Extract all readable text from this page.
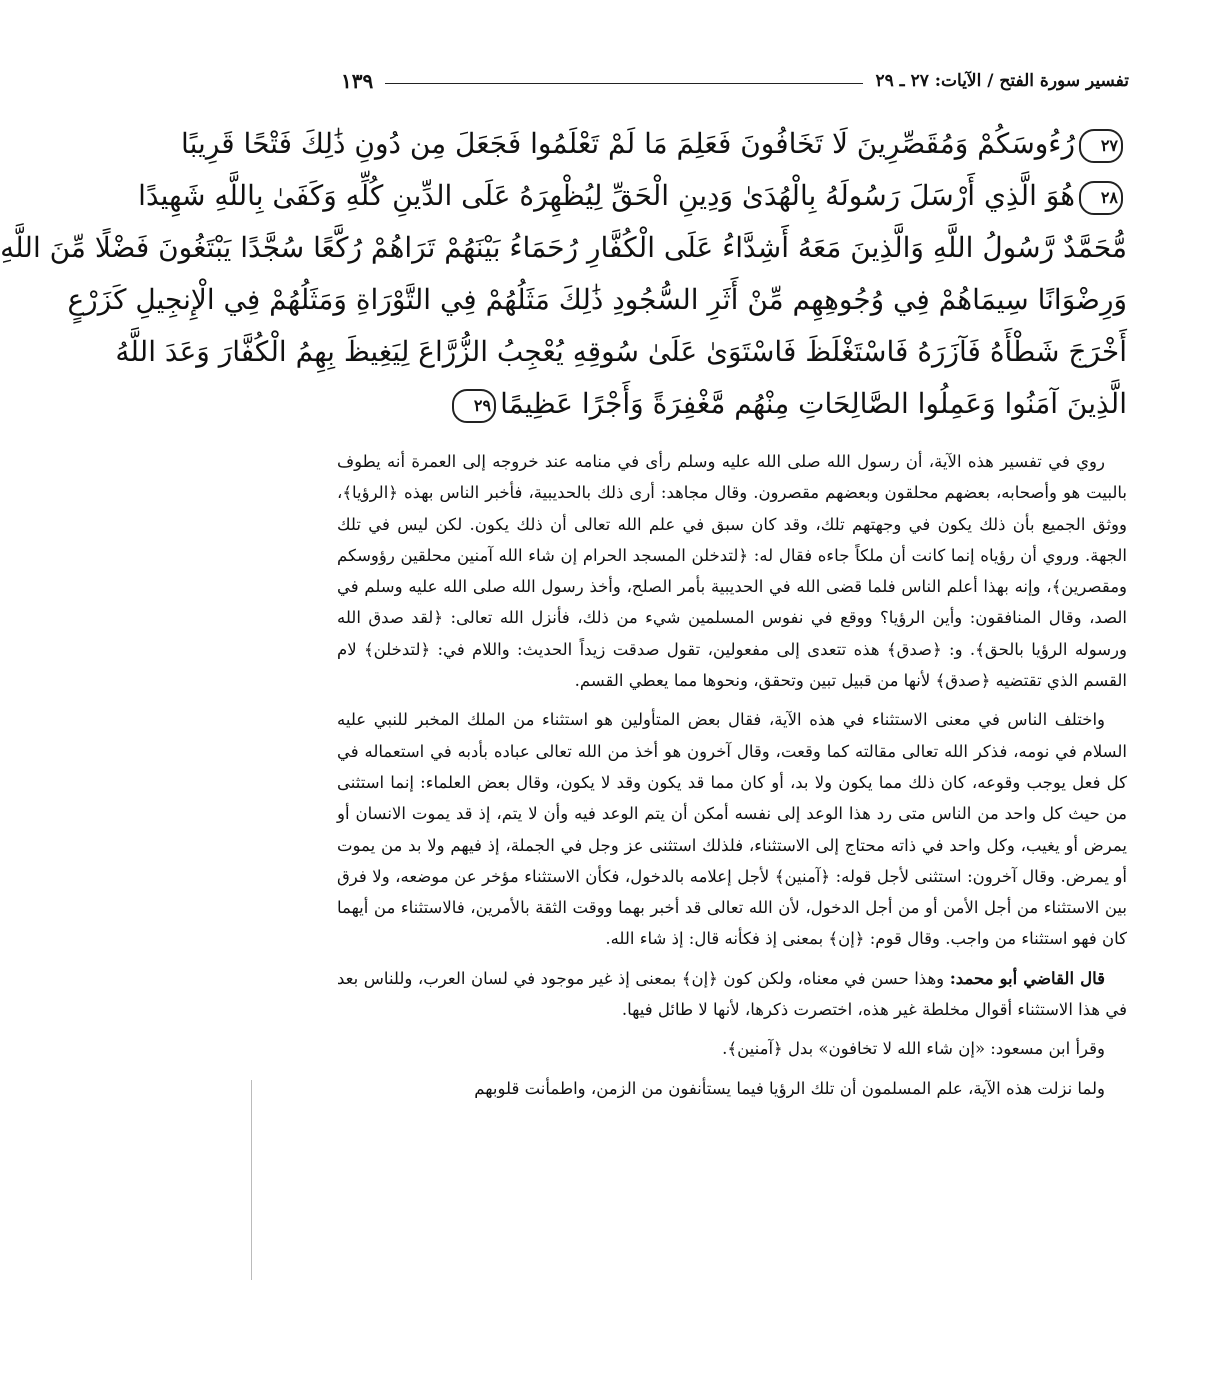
تفسير سورة الفتح / الآيات: ٢٧ ـ ٢٩
١٣٩
٢٧رُءُوسَكُمْ وَمُقَصِّرِينَ لَا تَخَافُونَ فَعَلِمَ مَا لَمْ تَعْلَمُوا فَجَعَلَ مِن دُونِ ذَٰلِكَ فَتْحًا قَرِيبًا
٢٨هُوَ الَّذِي أَرْسَلَ رَسُولَهُ بِالْهُدَىٰ وَدِينِ الْحَقِّ لِيُظْهِرَهُ عَلَى الدِّينِ كُلِّهِ وَكَفَىٰ بِاللَّهِ شَهِيدًا
مُّحَمَّدٌ رَّسُولُ اللَّهِ وَالَّذِينَ مَعَهُ أَشِدَّاءُ عَلَى الْكُفَّارِ رُحَمَاءُ بَيْنَهُمْ تَرَاهُمْ رُكَّعًا سُجَّدًا يَبْتَغُونَ فَضْلًا مِّنَ اللَّهِ
وَرِضْوَانًا سِيمَاهُمْ فِي وُجُوهِهِم مِّنْ أَثَرِ السُّجُودِ ذَٰلِكَ مَثَلُهُمْ فِي التَّوْرَاةِ وَمَثَلُهُمْ فِي الْإِنجِيلِ كَزَرْعٍ
أَخْرَجَ شَطْأَهُ فَآزَرَهُ فَاسْتَغْلَظَ فَاسْتَوَىٰ عَلَىٰ سُوقِهِ يُعْجِبُ الزُّرَّاعَ لِيَغِيظَ بِهِمُ الْكُفَّارَ وَعَدَ اللَّهُ
الَّذِينَ آمَنُوا وَعَمِلُوا الصَّالِحَاتِ مِنْهُم مَّغْفِرَةً وَأَجْرًا عَظِيمًا٢٩

روي في تفسير هذه الآية، أن رسول الله صلى الله عليه وسلم رأى في منامه عند خروجه إلى العمرة أنه يطوف بالبيت هو وأصحابه، بعضهم محلقون وبعضهم مقصرون. وقال مجاهد: أرى ذلك بالحديبية، فأخبر الناس بهذه ﴿الرؤيا﴾، ووثق الجميع بأن ذلك يكون في وجهتهم تلك، وقد كان سبق في علم الله تعالى أن ذلك يكون. لكن ليس في تلك الجهة. وروي أن رؤياه إنما كانت أن ملكاً جاءه فقال له: ﴿لتدخلن المسجد الحرام إن شاء الله آمنين محلقين رؤوسكم ومقصرين﴾، وإنه بهذا أعلم الناس فلما قضى الله في الحديبية بأمر الصلح، وأخذ رسول الله صلى الله عليه وسلم في الصد، وقال المنافقون: وأين الرؤيا؟ ووقع في نفوس المسلمين شيء من ذلك، فأنزل الله تعالى: ﴿لقد صدق الله ورسوله الرؤيا بالحق﴾. و: ﴿صدق﴾ هذه تتعدى إلى مفعولين، تقول صدقت زيداً الحديث: واللام في: ﴿لتدخلن﴾ لام القسم الذي تقتضيه ﴿صدق﴾ لأنها من قبيل تبين وتحقق، ونحوها مما يعطي القسم.

واختلف الناس في معنى الاستثناء في هذه الآية، فقال بعض المتأولين هو استثناء من الملك المخبر للنبي عليه السلام في نومه، فذكر الله تعالى مقالته كما وقعت، وقال آخرون هو أخذ من الله تعالى عباده بأدبه في استعماله في كل فعل يوجب وقوعه، كان ذلك مما يكون ولا بد، أو كان مما قد يكون وقد لا يكون، وقال بعض العلماء: إنما استثنى من حيث كل واحد من الناس متى رد هذا الوعد إلى نفسه أمكن أن يتم الوعد فيه وأن لا يتم، إذ قد يموت الانسان أو يمرض أو يغيب، وكل واحد في ذاته محتاج إلى الاستثناء، فلذلك استثنى عز وجل في الجملة، إذ فيهم ولا بد من يموت أو يمرض. وقال آخرون: استثنى لأجل قوله: ﴿آمنين﴾ لأجل إعلامه بالدخول، فكأن الاستثناء مؤخر عن موضعه، ولا فرق بين الاستثناء من أجل الأمن أو من أجل الدخول، لأن الله تعالى قد أخبر بهما ووقت الثقة بالأمرين، فالاستثناء من أيهما كان فهو استثناء من واجب. وقال قوم: ﴿إن﴾ بمعنى إذ فكأنه قال: إذ شاء الله.

قال القاضي أبو محمد: وهذا حسن في معناه، ولكن كون ﴿إن﴾ بمعنى إذ غير موجود في لسان العرب، وللناس بعد في هذا الاستثناء أقوال مخلطة غير هذه، اختصرت ذكرها، لأنها لا طائل فيها.

وقرأ ابن مسعود: «إن شاء الله لا تخافون» بدل ﴿آمنين﴾.

ولما نزلت هذه الآية، علم المسلمون أن تلك الرؤيا فيما يستأنفون من الزمن، واطمأنت قلوبهم
